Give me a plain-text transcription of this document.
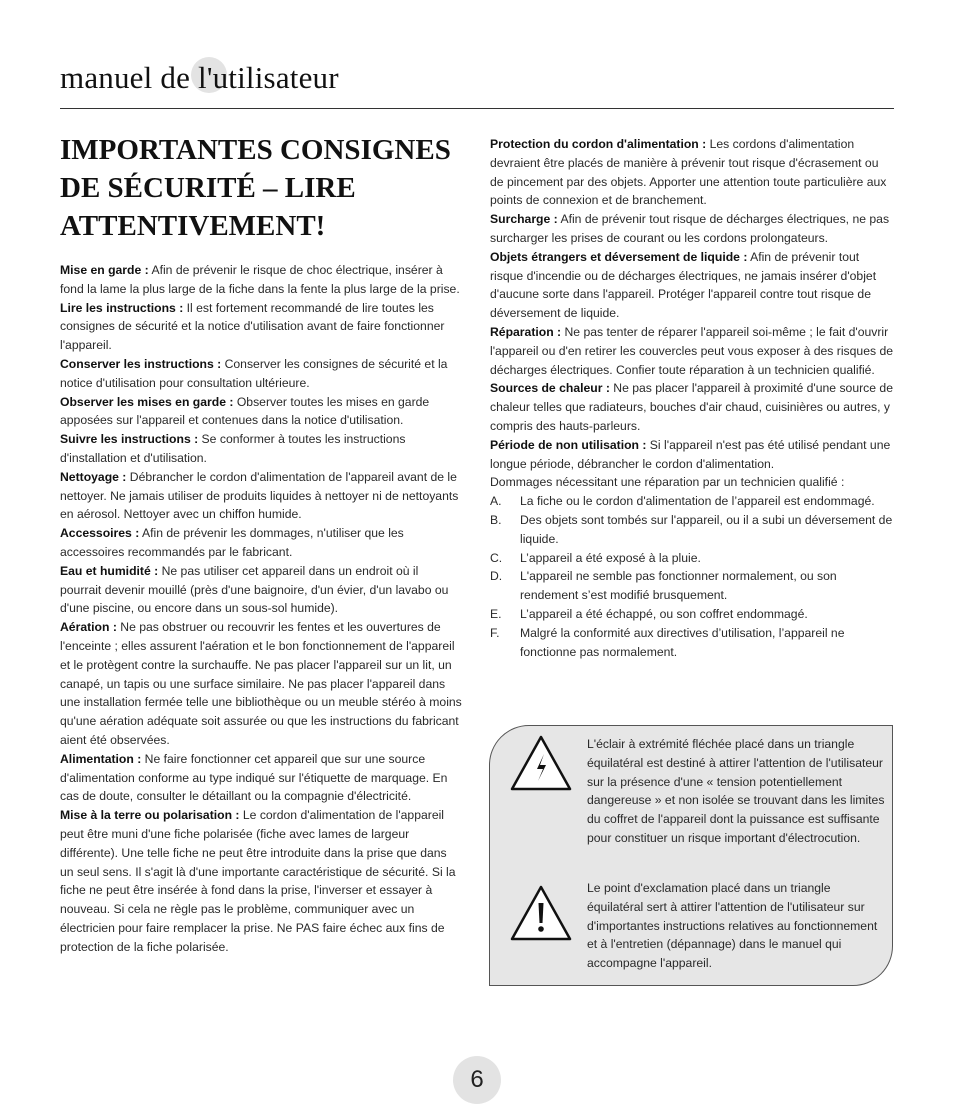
manuel de l'utilisateur
IMPORTANTES CONSIGNES DE SÉCURITÉ – LIRE ATTENTIVEMENT!

Mise en garde : Afin de prévenir le risque de choc électrique, insérer à fond la lame la plus large de la fiche dans la fente la plus large de la prise.

Lire les instructions : Il est fortement recommandé de lire toutes les consignes de sécurité et la notice d'utilisation avant de faire fonctionner l'appareil.

Conserver les instructions : Conserver les consignes de sécurité et la notice d'utilisation pour consultation ultérieure.

Observer les mises en garde : Observer toutes les mises en garde apposées sur l'appareil et contenues dans la notice d'utilisation.

Suivre les instructions : Se conformer à toutes les instructions d'installation et d'utilisation.

Nettoyage : Débrancher le cordon d'alimentation de l'appareil avant de le nettoyer. Ne jamais utiliser de produits liquides à nettoyer ni de nettoyants en aérosol. Nettoyer avec un chiffon humide.

Accessoires : Afin de prévenir les dommages, n'utiliser que les accessoires recommandés par le fabricant.

Eau et humidité : Ne pas utiliser cet appareil dans un endroit où il pourrait devenir mouillé (près d'une baignoire, d'un évier, d'un lavabo ou d'une piscine, ou encore dans un sous-sol humide).

Aération : Ne pas obstruer ou recouvrir les fentes et les ouvertures de l'enceinte ; elles assurent l'aération et le bon fonctionnement de l'appareil et le protègent contre la surchauffe. Ne pas placer l'appareil sur un lit, un canapé, un tapis ou une surface similaire. Ne pas placer l'appareil dans une installation fermée telle une bibliothèque ou un meuble stéréo à moins qu'une aération adéquate soit assurée ou que les instructions du fabricant aient été observées.

Alimentation : Ne faire fonctionner cet appareil que sur une source d'alimentation conforme au type indiqué sur l'étiquette de marquage. En cas de doute, consulter le détaillant ou la compagnie d'électricité.

Mise à la terre ou polarisation : Le cordon d'alimentation de l'appareil peut être muni d'une fiche polarisée (fiche avec lames de largeur différente). Une telle fiche ne peut être introduite dans la prise que dans un seul sens. Il s'agit là d'une importante caractéristique de sécurité. Si la fiche ne peut être insérée à fond dans la prise, l'inverser et essayer à nouveau. Si cela ne règle pas le problème, communiquer avec un électricien pour faire remplacer la prise. Ne PAS faire échec aux fins de protection de la fiche polarisée.

Protection du cordon d'alimentation : Les cordons d'alimentation devraient être placés de manière à prévenir tout risque d'écrasement ou de pincement par des objets. Apporter une attention toute particulière aux points de connexion et de branchement.

Surcharge : Afin de prévenir tout risque de décharges électriques, ne pas surcharger les prises de courant ou les cordons prolongateurs.

Objets étrangers et déversement de liquide : Afin de prévenir tout risque d'incendie ou de décharges électriques, ne jamais insérer d'objet d'aucune sorte dans l'appareil. Protéger l'appareil contre tout risque de déversement de liquide.

Réparation : Ne pas tenter de réparer l'appareil soi-même ; le fait d'ouvrir l'appareil ou d'en retirer les couvercles peut vous exposer à des risques de décharges électriques. Confier toute réparation à un technicien qualifié.

Sources de chaleur : Ne pas placer l'appareil à proximité d'une source de chaleur telles que radiateurs, bouches d'air chaud, cuisinières ou autres, y compris des hauts-parleurs.

Période de non utilisation : Si l'appareil n'est pas été utilisé pendant une longue période, débrancher le cordon d'alimentation.

Dommages nécessitant une réparation par un technicien qualifié :

A. La fiche ou le cordon d'alimentation de l’appareil est endommagé.
B. Des objets sont tombés sur l'appareil, ou il a subi un déversement de liquide.
C. L’appareil a été exposé à la pluie.
D. L'appareil ne semble pas fonctionner normalement, ou son rendement s’est modifié brusquement.
E. L’appareil a été échappé, ou son coffret endommagé.
F. Malgré la conformité aux directives d’utilisation, l’appareil ne fonctionne pas normalement.

L'éclair à extrémité fléchée placé dans un triangle équilatéral est destiné à attirer l'attention de l'utilisateur sur la présence d'une « tension potentiellement dangereuse » et non isolée se trouvant dans les limites du coffret de l'appareil dont la puissance est suffisante pour constituer un risque important d'électrocution.

Le point d'exclamation placé dans un triangle équilatéral sert à attirer l'attention de l'utilisateur sur d'importantes instructions relatives au fonctionnement et à l'entretien (dépannage) dans le manuel qui accompagne l'appareil.

6
